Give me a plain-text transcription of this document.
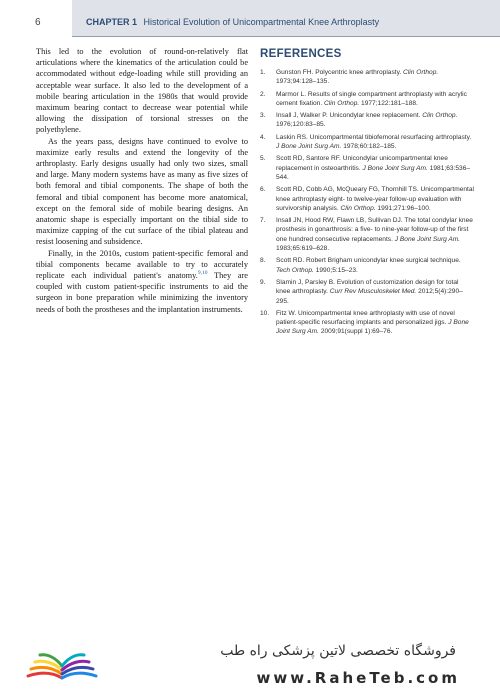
6	CHAPTER 1 Historical Evolution of Unicompartmental Knee Arthroplasty

This led to the evolution of round-on-relatively flat articulations where the kinematics of the articulation could be accommodated without edge-loading while still providing an acceptable wear surface. It also led to the development of a mobile bearing articulation in the 1980s that would provide maximum bearing contact to decrease wear potential while allowing the dissipation of torsional stresses on the polyethylene.

As the years pass, designs have continued to evolve to maximize early results and extend the longevity of the arthroplasty. Early designs usually had only two sizes, small and large. Many modern systems have as many as five sizes of both femoral and tibial components. The shape of both the femoral and tibial component has become more anatomical, except on the femoral side of mobile bearing designs. An anatomic shape is especially important on the tibial side to maximize capping of the cut surface of the tibial plateau and resist loosening and subsidence.

Finally, in the 2010s, custom patient-specific femoral and tibial components became available to try to accurately replicate each individual patient's anatomy.$^{9,10}$ They are coupled with custom patient-specific instruments to aid the surgeon in bone preparation while minimizing the inventory needs of both the prostheses and the implantation instruments.

REFERENCES
1. Gunston FH. Polycentric knee arthroplasty. Clin Orthop. 1973;94:128–135.
2. Marmor L. Results of single compartment arthroplasty with acrylic cement fixation. Clin Orthop. 1977;122:181–188.
3. Insall J, Walker P. Unicondylar knee replacement. Clin Orthop. 1976;120:83–85.
4. Laskin RS. Unicompartmental tibiofemoral resurfacing arthroplasty. J Bone Joint Surg Am. 1978;60:182–185.
5. Scott RD, Santore RF. Unicondylar unicompartmental knee replacement in osteoarthritis. J Bone Joint Surg Am. 1981;63:536–544.
6. Scott RD, Cobb AG, McQueary FG, Thornhill TS. Unicompartmental knee arthroplasty eight- to twelve-year follow-up evaluation with survivorship analysis. Clin Orthop. 1991;271:96–100.
7. Insall JN, Hood RW, Flawn LB, Sullivan DJ. The total condylar knee prosthesis in gonarthrosis: a five- to nine-year follow-up of the first one hundred consecutive replacements. J Bone Joint Surg Am. 1983;65:619–628.
8. Scott RD. Robert Brigham unicondylar knee surgical technique. Tech Orthop. 1990;5:15–23.
9. Slamin J, Parsley B. Evolution of customization design for total knee arthroplasty. Curr Rev Musculoskelet Med. 2012;5(4):290–295.
10. Fitz W. Unicompartmental knee arthroplasty with use of novel patient-specific resurfacing implants and personalized jigs. J Bone Joint Surg Am. 2009;91(suppl 1):69–76.
فروشگاه تخصصی لاتین پزشکی راه طب
www.RaheTeb.com
